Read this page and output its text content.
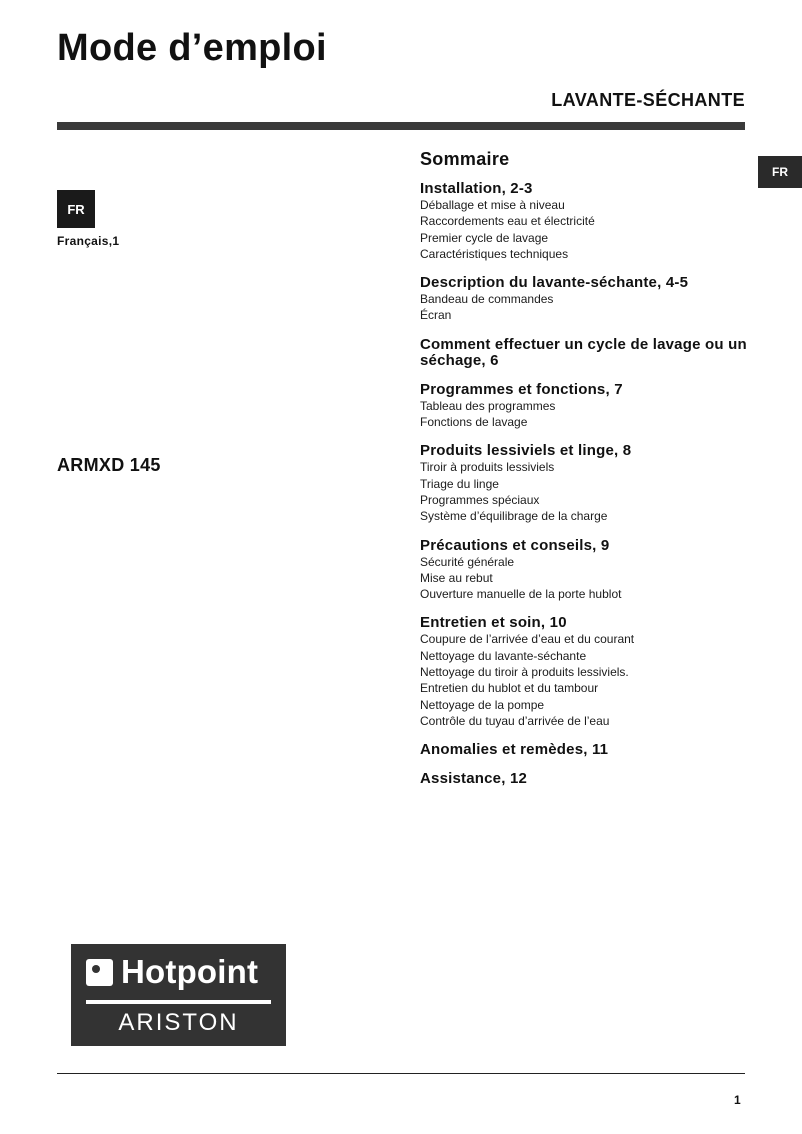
Mode d’emploi
LAVANTE-SÉCHANTE
FR
FR
Français,1
ARMXD 145
Sommaire
Installation, 2-3
Déballage et mise à niveau
Raccordements eau et électricité
Premier cycle de lavage
Caractéristiques techniques
Description du lavante-séchante, 4-5
Bandeau de commandes
Écran
Comment effectuer un cycle de lavage ou un séchage, 6
Programmes et fonctions, 7
Tableau des programmes
Fonctions de lavage
Produits lessiviels et linge, 8
Tiroir à produits lessiviels
Triage du linge
Programmes spéciaux
Système d’équilibrage de la charge
Précautions et conseils, 9
Sécurité générale
Mise au rebut
Ouverture manuelle de la porte hublot
Entretien et soin, 10
Coupure de l’arrivée d’eau et du courant
Nettoyage du lavante-séchante
Nettoyage du tiroir à produits lessiviels.
Entretien du hublot et du tambour
Nettoyage de la pompe
Contrôle du tuyau d’arrivée de l’eau
Anomalies et remèdes, 11
Assistance, 12
Hotpoint
ARISTON
1
